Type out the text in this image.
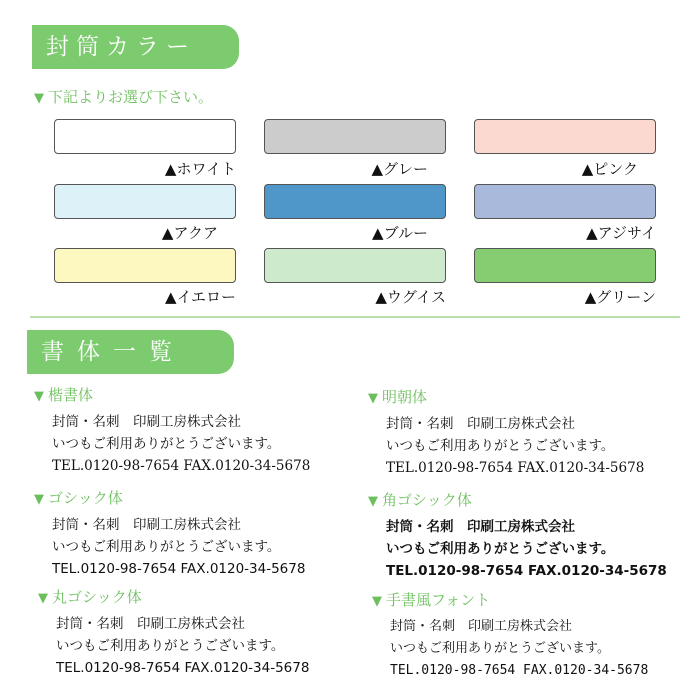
封筒カラー
▼ 下記よりお選び下さい。
▲ホワイト	▲グレー	▲ピンク
▲アクア	▲ブルー	▲アジサイ
▲イエロー	▲ウグイス	▲グリーン
書体一覧
▼ 楷書体
封筒・名刺　印刷工房株式会社
いつもご利用ありがとうございます。
TEL.0120-98-7654 FAX.0120-34-5678
▼ 明朝体
封筒・名刺　印刷工房株式会社
いつもご利用ありがとうございます。
TEL.0120-98-7654 FAX.0120-34-5678
▼ ゴシック体
封筒・名刺　印刷工房株式会社
いつもご利用ありがとうございます。
TEL.0120-98-7654 FAX.0120-34-5678
▼ 角ゴシック体
封筒・名刺　印刷工房株式会社
いつもご利用ありがとうございます。
TEL.0120-98-7654 FAX.0120-34-5678
▼ 丸ゴシック体
封筒・名刺　印刷工房株式会社
いつもご利用ありがとうございます。
TEL.0120-98-7654 FAX.0120-34-5678
▼ 手書風フォント
封筒・名刺　印刷工房株式会社
いつもご利用ありがとうございます。
TEL.0120-98-7654 FAX.0120-34-5678
